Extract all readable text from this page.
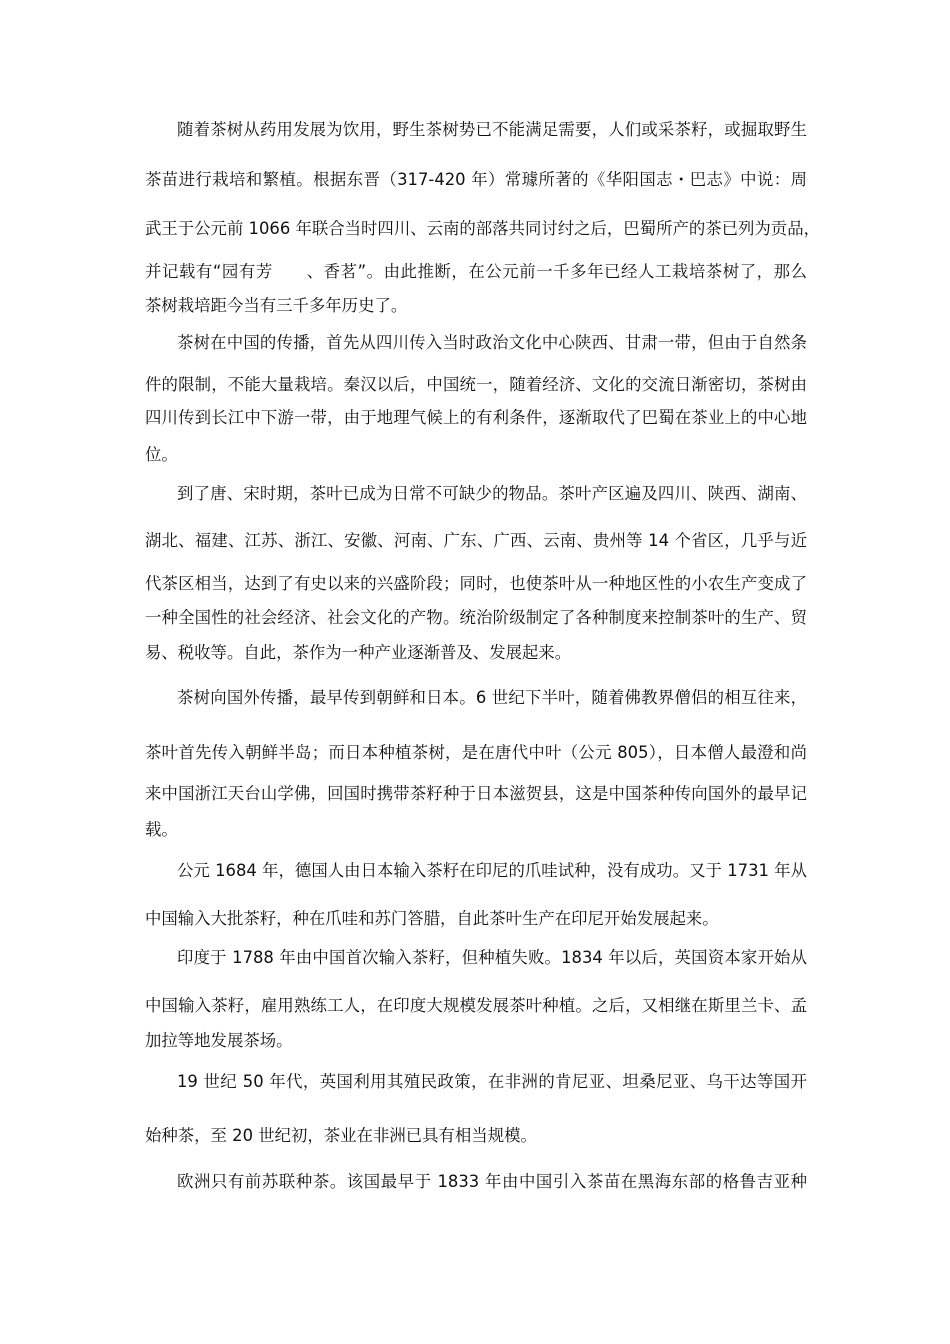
随着茶树从药用发展为饮用，野生茶树势已不能满足需要，人们或采茶籽，或掘取野生

茶苗进行栽培和繁植。根据东晋（317-420 年）常璩所著的《华阳国志・巴志》中说：周

武王于公元前 1066 年联合当时四川、云南的部落共同讨纣之后，巴蜀所产的茶已列为贡品，

并记载有“园有芳　　、香茗”。由此推断，在公元前一千多年已经人工栽培茶树了，那么

茶树栽培距今当有三千多年历史了。

茶树在中国的传播，首先从四川传入当时政治文化中心陕西、甘肃一带，但由于自然条

件的限制，不能大量栽培。秦汉以后，中国统一，随着经济、文化的交流日渐密切，茶树由

四川传到长江中下游一带，由于地理气候上的有利条件，逐渐取代了巴蜀在茶业上的中心地

位。

到了唐、宋时期，茶叶已成为日常不可缺少的物品。茶叶产区遍及四川、陕西、湖南、

湖北、福建、江苏、浙江、安徽、河南、广东、广西、云南、贵州等 14 个省区，几乎与近

代茶区相当，达到了有史以来的兴盛阶段；同时，也使茶叶从一种地区性的小农生产变成了

一种全国性的社会经济、社会文化的产物。统治阶级制定了各种制度来控制茶叶的生产、贸

易、税收等。自此，茶作为一种产业逐渐普及、发展起来。

茶树向国外传播，最早传到朝鲜和日本。6 世纪下半叶，随着佛教界僧侣的相互往来，

茶叶首先传入朝鲜半岛；而日本种植茶树，是在唐代中叶（公元 805），日本僧人最澄和尚

来中国浙江天台山学佛，回国时携带茶籽种于日本滋贺县，这是中国茶种传向国外的最早记

载。

公元 1684 年，德国人由日本输入茶籽在印尼的爪哇试种，没有成功。又于 1731 年从

中国输入大批茶籽，种在爪哇和苏门答腊，自此茶叶生产在印尼开始发展起来。

印度于 1788 年由中国首次输入茶籽，但种植失败。1834 年以后，英国资本家开始从

中国输入茶籽，雇用熟练工人，在印度大规模发展茶叶种植。之后，又相继在斯里兰卡、孟

加拉等地发展茶场。

19 世纪 50 年代，英国利用其殖民政策，在非洲的肯尼亚、坦桑尼亚、乌干达等国开

始种茶，至 20 世纪初，茶业在非洲已具有相当规模。

欧洲只有前苏联种茶。该国最早于 1833 年由中国引入茶苗在黑海东部的格鲁吉亚种
